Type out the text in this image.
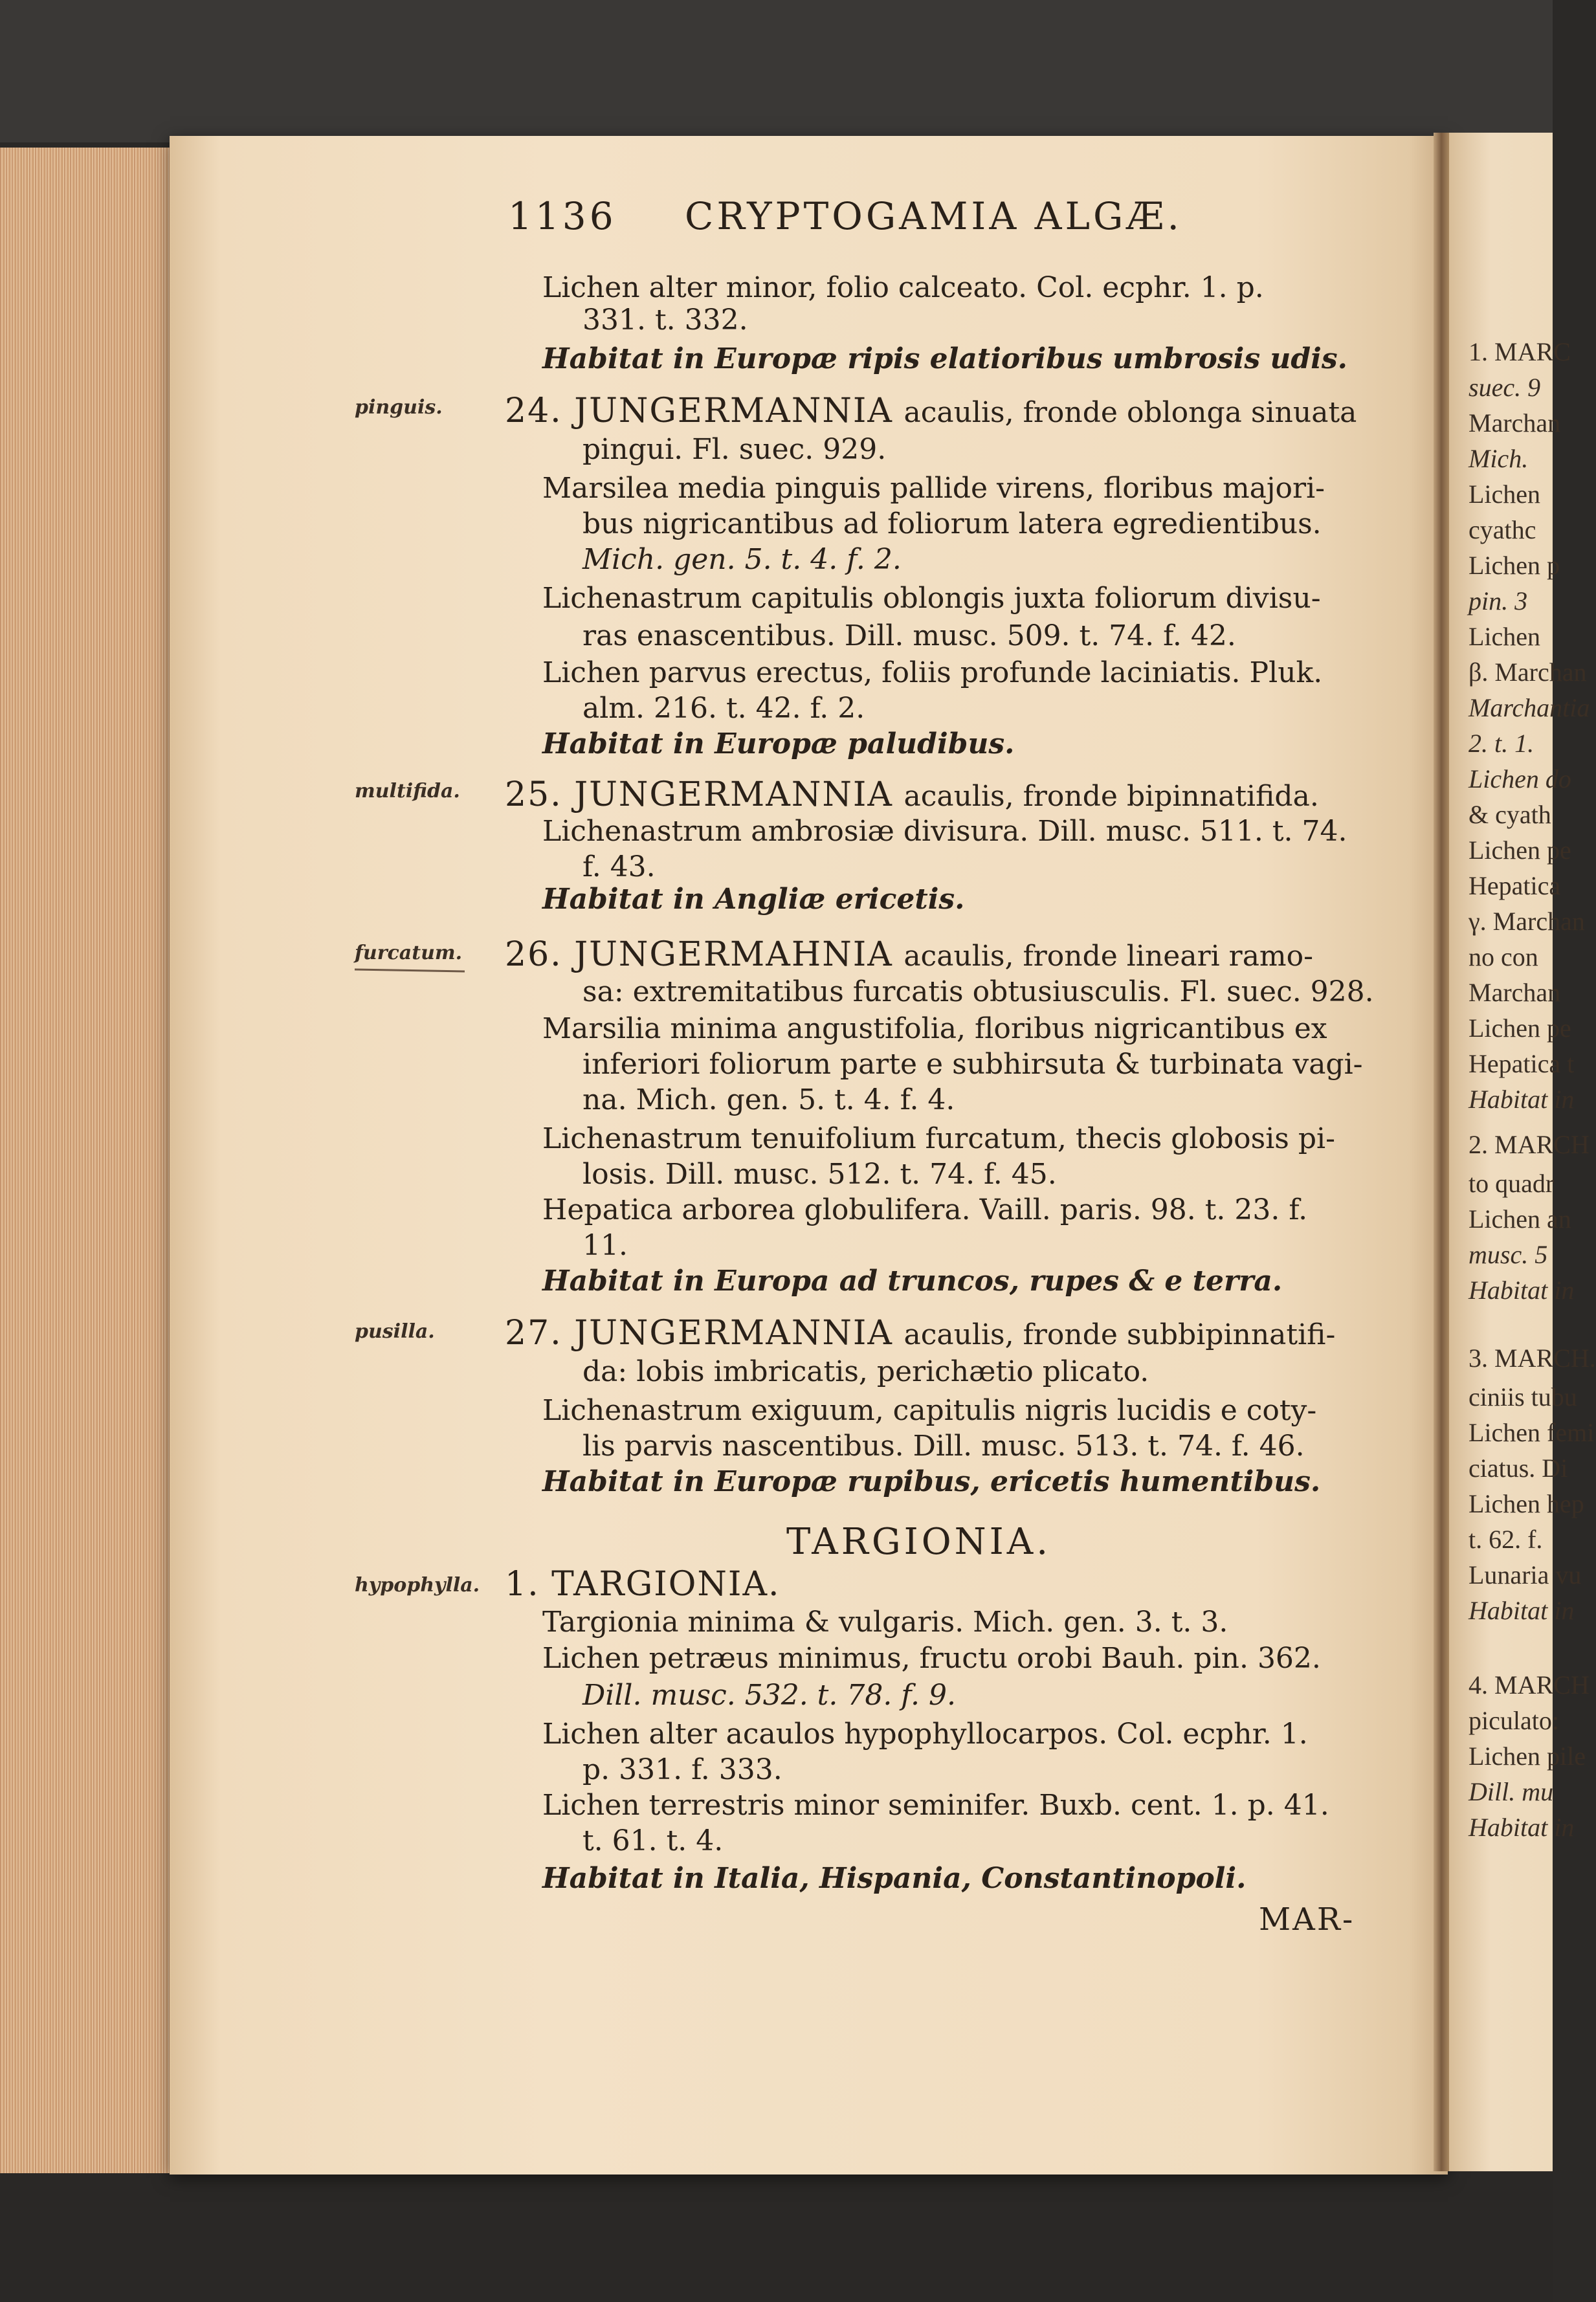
1. MARC
suec. 9
Marchan
Mich.
Lichen
cyathc
Lichen p
pin. 3
Lichen
β. Marchan
Marchantia
2. t. 1.
Lichen do
& cyath
Lichen pe
Hepatica
γ. Marchan
no con
Marchan
Lichen pe
Hepatica t
Habitat in
2. MARCH
to quadr
Lichen an
musc. 5
Habitat in
3. MARCH.
ciniis tubu
Lichen femi
ciatus. Di
Lichen hep
t. 62. f.
Lunaria vu
Habitat in
4. MARCH
piculato:
Lichen pile
Dill. mu
Habitat in
1136 CRYPTOGAMIA ALGÆ.
Lichen alter minor, folio calceato. Col. ecphr. 1. p.
331. t. 332.
Habitat in Europæ ripis elatioribus umbrosis udis.
pinguis. 24. JUNGERMANNIA acaulis, fronde oblonga sinuata
pingui. Fl. suec. 929.
Marsilea media pinguis pallide virens, floribus majori-
bus nigricantibus ad foliorum latera egredientibus.
Mich. gen. 5. t. 4. f. 2.
Lichenastrum capitulis oblongis juxta foliorum divisu-
ras enascentibus. Dill. musc. 509. t. 74. f. 42.
Lichen parvus erectus, foliis profunde laciniatis. Pluk.
alm. 216. t. 42. f. 2.
Habitat in Europæ paludibus.
multifida. 25. JUNGERMANNIA acaulis, fronde bipinnatifida.
Lichenastrum ambrosiæ divisura. Dill. musc. 511. t. 74.
f. 43.
Habitat in Angliæ ericetis.
furcatum. 26. JUNGERMAHNIA acaulis, fronde lineari ramo-
sa: extremitatibus furcatis obtusiusculis. Fl. suec. 928.
Marsilia minima angustifolia, floribus nigricantibus ex
inferiori foliorum parte e subhirsuta & turbinata vagi-
na. Mich. gen. 5. t. 4. f. 4.
Lichenastrum tenuifolium furcatum, thecis globosis pi-
losis. Dill. musc. 512. t. 74. f. 45.
Hepatica arborea globulifera. Vaill. paris. 98. t. 23. f.
11.
Habitat in Europa ad truncos, rupes & e terra.
pusilla. 27. JUNGERMANNIA acaulis, fronde subbipinnatifi-
da: lobis imbricatis, perichætio plicato.
Lichenastrum exiguum, capitulis nigris lucidis e coty-
lis parvis nascentibus. Dill. musc. 513. t. 74. f. 46.
Habitat in Europæ rupibus, ericetis humentibus.
TARGIONIA.
hypophylla. 1. TARGIONIA.
Targionia minima & vulgaris. Mich. gen. 3. t. 3.
Lichen petræus minimus, fructu orobi Bauh. pin. 362.
Dill. musc. 532. t. 78. f. 9.
Lichen alter acaulos hypophyllocarpos. Col. ecphr. 1.
p. 331. f. 333.
Lichen terrestris minor seminifer. Buxb. cent. 1. p. 41.
t. 61. t. 4.
Habitat in Italia, Hispania, Constantinopoli.
MAR-
